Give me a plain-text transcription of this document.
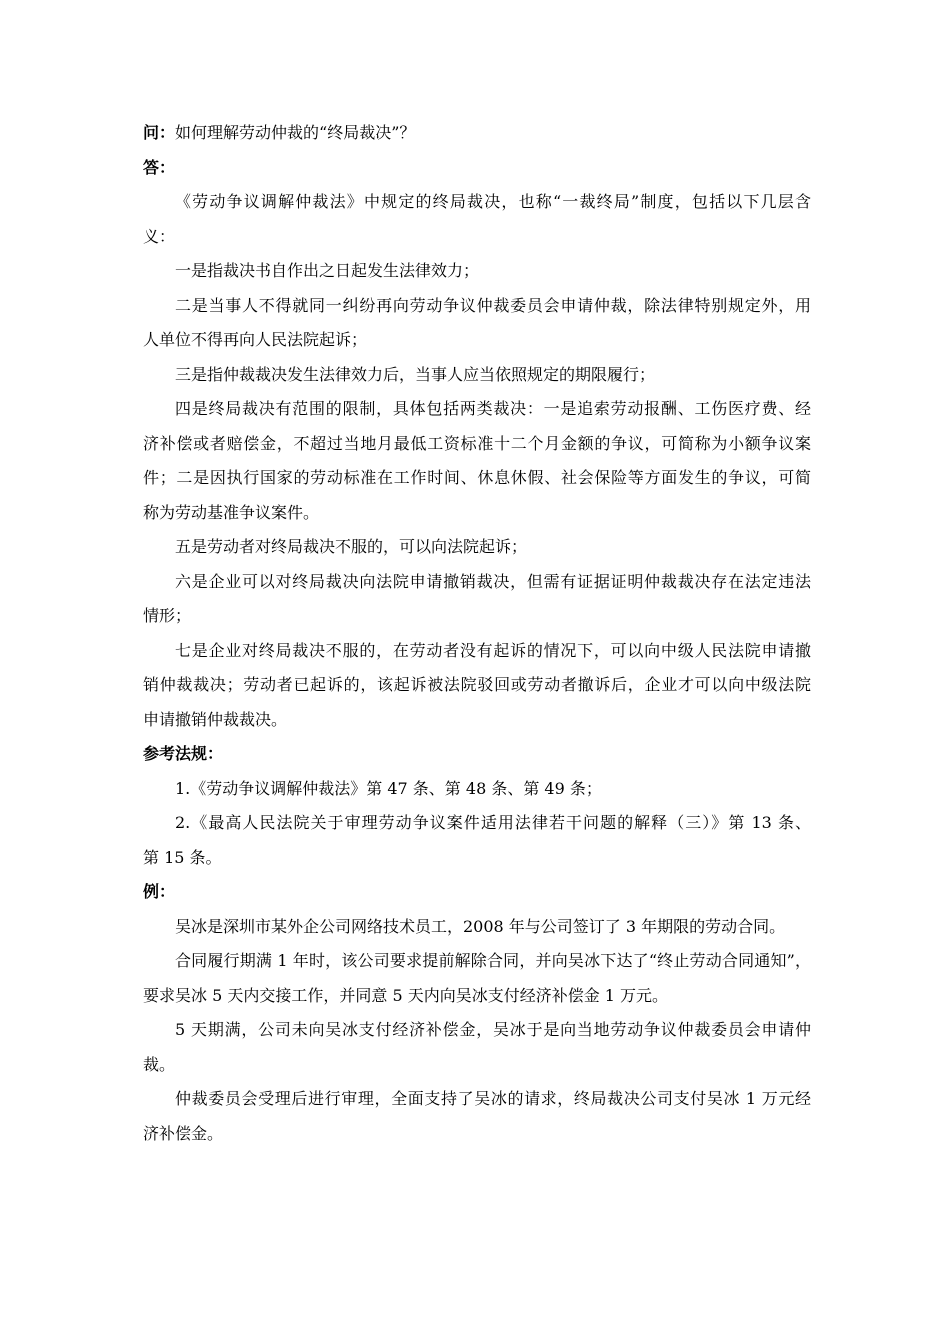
问：如何理解劳动仲裁的“终局裁决”？
答：
《劳动争议调解仲裁法》中规定的终局裁决，也称“一裁终局”制度，包括以下几层含
义：
一是指裁决书自作出之日起发生法律效力；
二是当事人不得就同一纠纷再向劳动争议仲裁委员会申请仲裁，除法律特别规定外，用
人单位不得再向人民法院起诉；
三是指仲裁裁决发生法律效力后，当事人应当依照规定的期限履行；
四是终局裁决有范围的限制，具体包括两类裁决：一是追索劳动报酬、工伤医疗费、经
济补偿或者赔偿金，不超过当地月最低工资标准十二个月金额的争议，可简称为小额争议案
件；二是因执行国家的劳动标准在工作时间、休息休假、社会保险等方面发生的争议，可简
称为劳动基准争议案件。
五是劳动者对终局裁决不服的，可以向法院起诉；
六是企业可以对终局裁决向法院申请撤销裁决，但需有证据证明仲裁裁决存在法定违法
情形；
七是企业对终局裁决不服的，在劳动者没有起诉的情况下，可以向中级人民法院申请撤
销仲裁裁决；劳动者已起诉的，该起诉被法院驳回或劳动者撤诉后，企业才可以向中级法院
申请撤销仲裁裁决。
参考法规：
1.《劳动争议调解仲裁法》第 47 条、第 48 条、第 49 条；
2.《最高人民法院关于审理劳动争议案件适用法律若干问题的解释（三）》第 13 条、
第 15 条。
例：
吴冰是深圳市某外企公司网络技术员工，2008 年与公司签订了 3 年期限的劳动合同。
合同履行期满 1 年时，该公司要求提前解除合同，并向吴冰下达了“终止劳动合同通知”，
要求吴冰 5 天内交接工作，并同意 5 天内向吴冰支付经济补偿金 1 万元。
5 天期满，公司未向吴冰支付经济补偿金，吴冰于是向当地劳动争议仲裁委员会申请仲
裁。
仲裁委员会受理后进行审理，全面支持了吴冰的请求，终局裁决公司支付吴冰 1 万元经
济补偿金。
